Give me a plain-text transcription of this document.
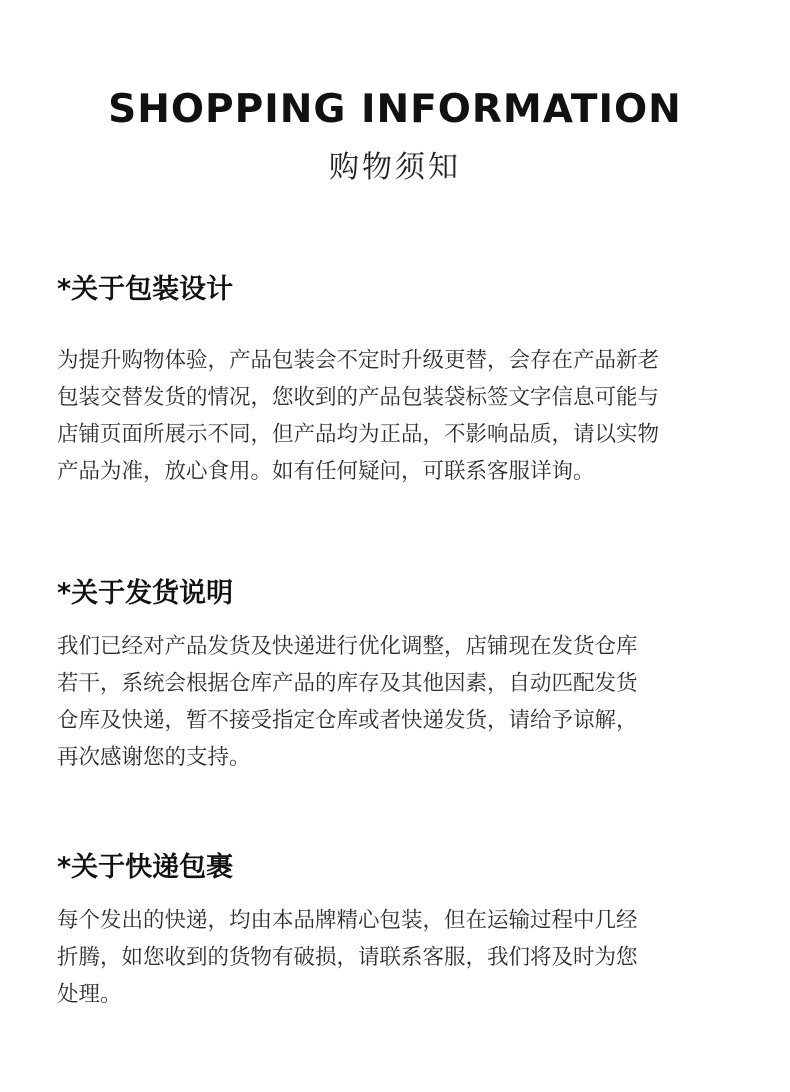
SHOPPING INFORMATION
购物须知
*关于包装设计

为提升购物体验，产品包装会不定时升级更替，会存在产品新老
包装交替发货的情况，您收到的产品包装袋标签文字信息可能与
店铺页面所展示不同，但产品均为正品，不影响品质，请以实物
产品为准，放心食用。如有任何疑问，可联系客服详询。

*关于发货说明

我们已经对产品发货及快递进行优化调整，店铺现在发货仓库
若干，系统会根据仓库产品的库存及其他因素，自动匹配发货
仓库及快递，暂不接受指定仓库或者快递发货，请给予谅解，
再次感谢您的支持。

*关于快递包裹

每个发出的快递，均由本品牌精心包装，但在运输过程中几经
折腾，如您收到的货物有破损，请联系客服，我们将及时为您
处理。
